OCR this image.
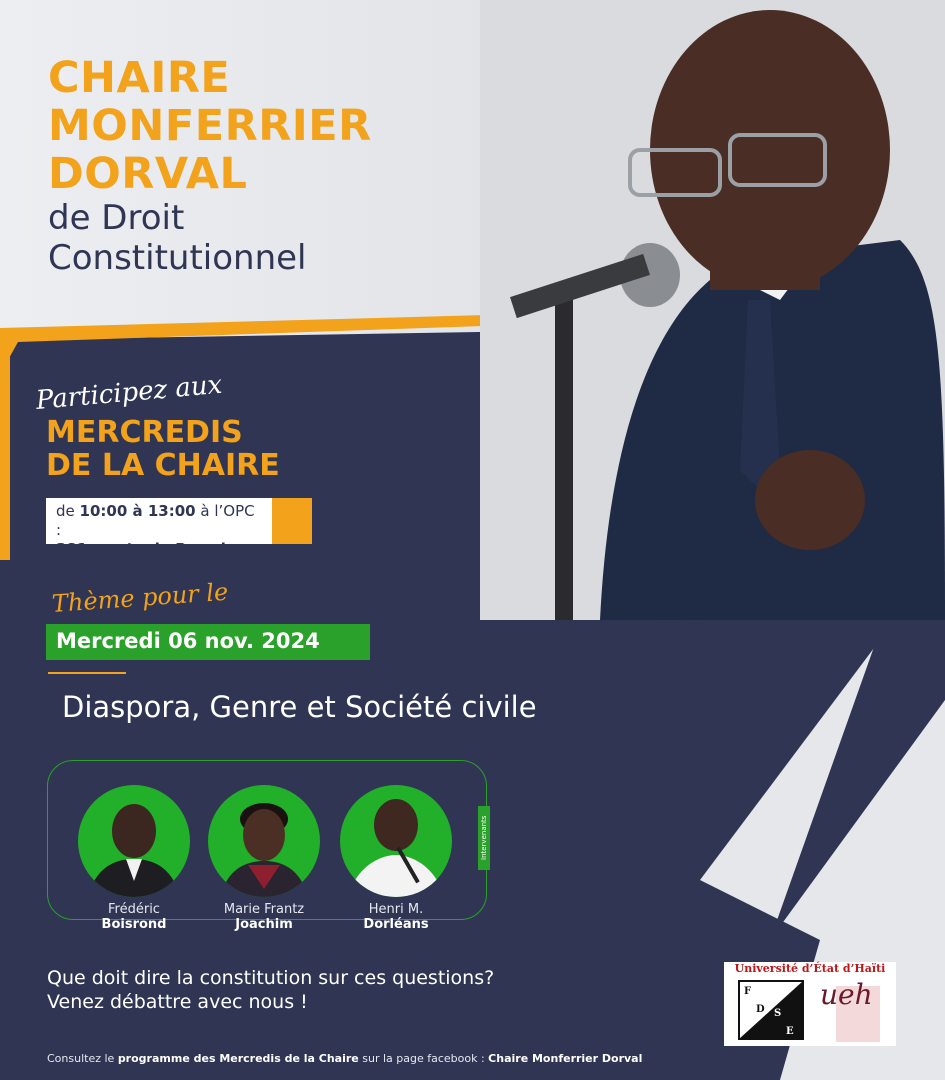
CHAIRE
MONFERRIER
DORVAL
de Droit
Constitutionnel
Participez aux
MERCREDIS
DE LA CHAIRE
de 10:00 à 13:00 à l’OPC :
381, route de Bourdon
Thème pour le
Mercredi 06 nov. 2024
Diaspora, Genre et Société civile
Frédéric
Boisrond
Marie Frantz
Joachim
Henri M.
Dorléans
Intervenants
Que doit dire la constitution sur ces questions?
Venez débattre avec nous !
Consultez le programme des Mercredis de la Chaire sur la page facebook : Chaire Monferrier Dorval
Université d’État d’Haïti
F
D S
E
ueh
